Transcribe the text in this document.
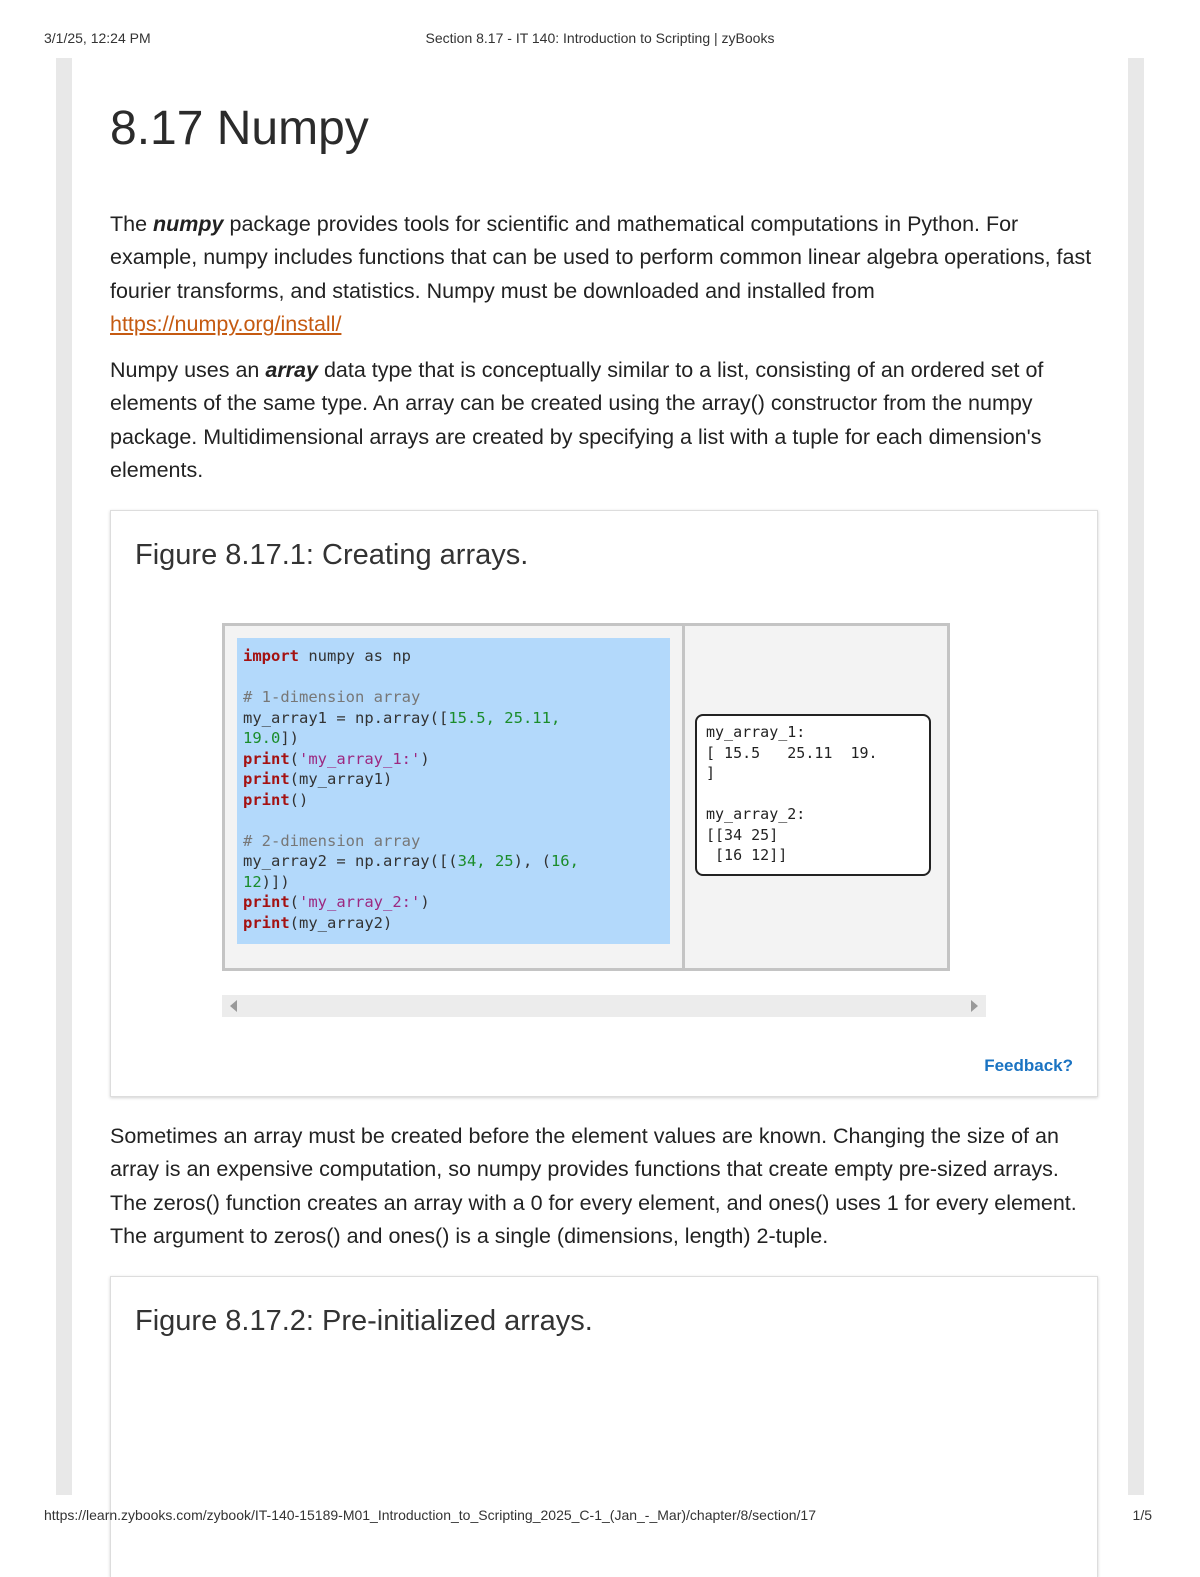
3/1/25, 12:24 PM	Section 8.17 - IT 140: Introduction to Scripting | zyBooks
8.17 Numpy

The numpy package provides tools for scientific and mathematical computations in Python. For example, numpy includes functions that can be used to perform common linear algebra operations, fast fourier transforms, and statistics. Numpy must be downloaded and installed from https://numpy.org/install/

Numpy uses an array data type that is conceptually similar to a list, consisting of an ordered set of elements of the same type. An array can be created using the array() constructor from the numpy package. Multidimensional arrays are created by specifying a list with a tuple for each dimension's elements.

Figure 8.17.1: Creating arrays.
import numpy as np

# 1-dimension array
my_array1 = np.array([15.5, 25.11,
19.0])
print('my_array_1:')
print(my_array1)
print()

# 2-dimension array
my_array2 = np.array([(34, 25), (16,
12)])
print('my_array_2:')
print(my_array2)
my_array_1:
[ 15.5   25.11  19.
]

my_array_2:
[[34 25]
[16 12]]
Feedback?

Sometimes an array must be created before the element values are known. Changing the size of an array is an expensive computation, so numpy provides functions that create empty pre-sized arrays. The zeros() function creates an array with a 0 for every element, and ones() uses 1 for every element. The argument to zeros() and ones() is a single (dimensions, length) 2-tuple.

Figure 8.17.2: Pre-initialized arrays.
https://learn.zybooks.com/zybook/IT-140-15189-M01_Introduction_to_Scripting_2025_C-1_(Jan_-_Mar)/chapter/8/section/17	1/5
